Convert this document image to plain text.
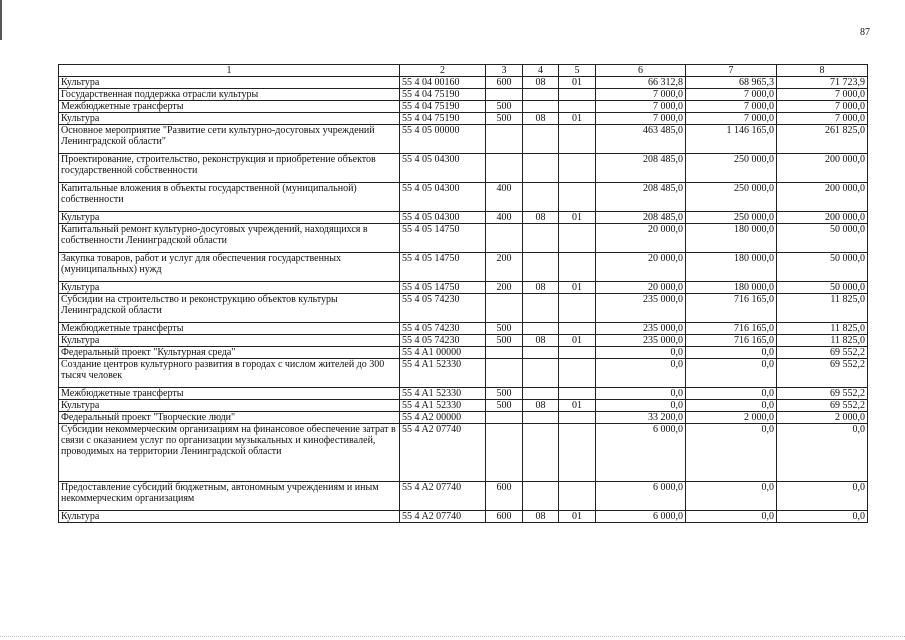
87
1	2	3	4	5	6	7	8
Культура	55 4 04 00160	600	08	01	66 312,8	68 965,3	71 723,9
Государственная поддержка отрасли культуры	55 4 04 75190				7 000,0	7 000,0	7 000,0
Межбюджетные трансферты	55 4 04 75190	500			7 000,0	7 000,0	7 000,0
Культура	55 4 04 75190	500	08	01	7 000,0	7 000,0	7 000,0
Основное мероприятие "Развитие сети культурно-досуговых учреждений Ленинградской области"	55 4 05 00000				463 485,0	1 146 165,0	261 825,0
Проектирование, строительство, реконструкция и приобретение объектов государственной собственности	55 4 05 04300				208 485,0	250 000,0	200 000,0
Капитальные вложения в объекты государственной (муниципальной) собственности	55 4 05 04300	400			208 485,0	250 000,0	200 000,0
Культура	55 4 05 04300	400	08	01	208 485,0	250 000,0	200 000,0
Капитальный ремонт культурно-досуговых учреждений, находящихся в собственности Ленинградской области	55 4 05 14750				20 000,0	180 000,0	50 000,0
Закупка товаров, работ и услуг для обеспечения государственных (муниципальных) нужд	55 4 05 14750	200			20 000,0	180 000,0	50 000,0
Культура	55 4 05 14750	200	08	01	20 000,0	180 000,0	50 000,0
Субсидии на строительство и реконструкцию объектов культуры Ленинградской области	55 4 05 74230				235 000,0	716 165,0	11 825,0
Межбюджетные трансферты	55 4 05 74230	500			235 000,0	716 165,0	11 825,0
Культура	55 4 05 74230	500	08	01	235 000,0	716 165,0	11 825,0
Федеральный проект "Культурная среда"	55 4 A1 00000				0,0	0,0	69 552,2
Создание центров культурного развития в городах с числом жителей до 300 тысяч человек	55 4 A1 52330				0,0	0,0	69 552,2
Межбюджетные трансферты	55 4 A1 52330	500			0,0	0,0	69 552,2
Культура	55 4 A1 52330	500	08	01	0,0	0,0	69 552,2
Федеральный проект "Творческие люди"	55 4 A2 00000				33 200,0	2 000,0	2 000,0
Субсидии некоммерческим организациям на финансовое обеспечение затрат в связи с оказанием услуг по организации музыкальных и кинофестивалей, проводимых на территории Ленинградской области	55 4 A2 07740				6 000,0	0,0	0,0
Предоставление субсидий бюджетным, автономным учреждениям и иным некоммерческим организациям	55 4 A2 07740	600			6 000,0	0,0	0,0
Культура	55 4 A2 07740	600	08	01	6 000,0	0,0	0,0
